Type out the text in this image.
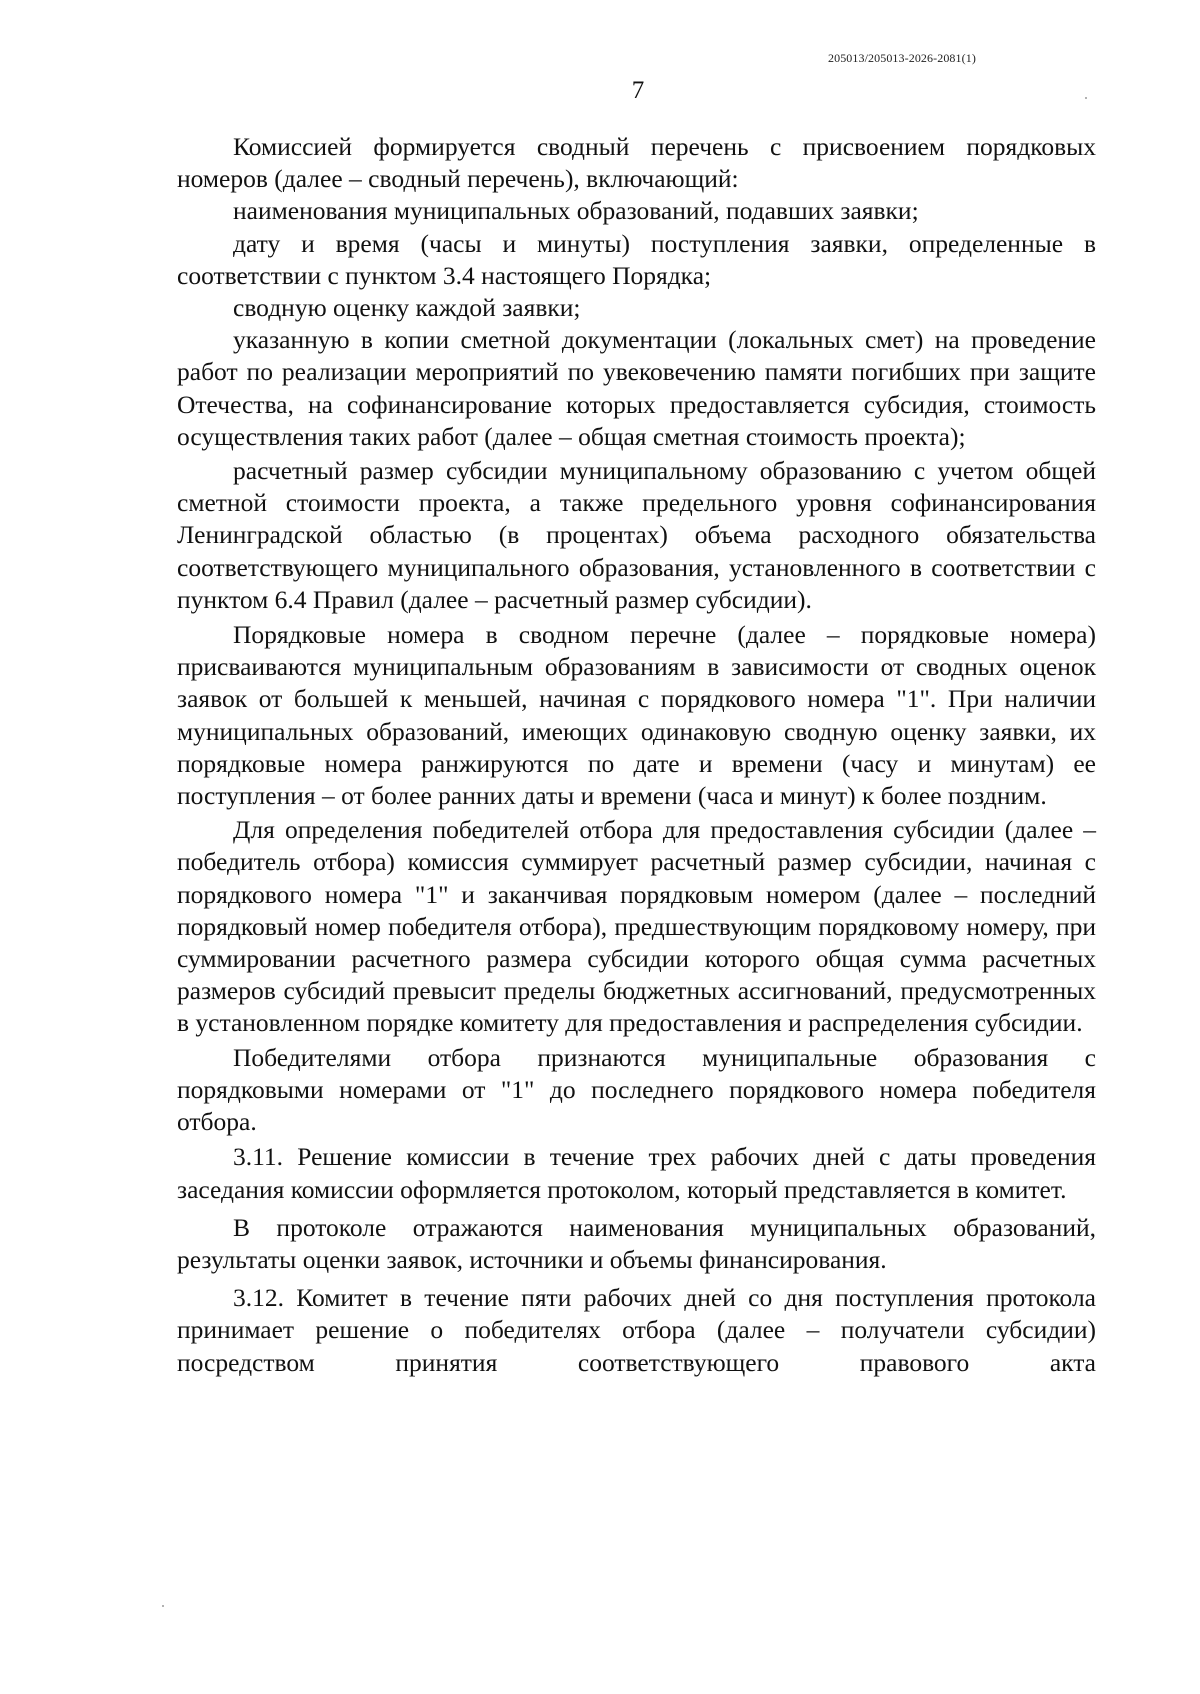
205013/205013-2026-2081(1)
7

Комиссией формируется сводный перечень с присвоением порядковых номеров (далее – сводный перечень), включающий:

наименования муниципальных образований, подавших заявки;

дату и время (часы и минуты) поступления заявки, определенные в соответствии с пунктом 3.4 настоящего Порядка;

сводную оценку каждой заявки;

указанную в копии сметной документации (локальных смет) на проведение работ по реализации мероприятий по увековечению памяти погибших при защите Отечества, на софинансирование которых предоставляется субсидия, стоимость осуществления таких работ (далее – общая сметная стоимость проекта);

расчетный размер субсидии муниципальному образованию с учетом общей сметной стоимости проекта, а также предельного уровня софинансирования Ленинградской областью (в процентах) объема расходного обязательства соответствующего муниципального образования, установленного в соответствии с пунктом 6.4 Правил (далее – расчетный размер субсидии).

Порядковые номера в сводном перечне (далее – порядковые номера) присваиваются муниципальным образованиям в зависимости от сводных оценок заявок от большей к меньшей, начиная с порядкового номера "1". При наличии муниципальных образований, имеющих одинаковую сводную оценку заявки, их порядковые номера ранжируются по дате и времени (часу и минутам) ее поступления – от более ранних даты и времени (часа и минут) к более поздним.

Для определения победителей отбора для предоставления субсидии (далее – победитель отбора) комиссия суммирует расчетный размер субсидии, начиная с порядкового номера "1" и заканчивая порядковым номером (далее – последний порядковый номер победителя отбора), предшествующим порядковому номеру, при суммировании расчетного размера субсидии которого общая сумма расчетных размеров субсидий превысит пределы бюджетных ассигнований, предусмотренных в установленном порядке комитету для предоставления и распределения субсидии.

Победителями отбора признаются муниципальные образования с порядковыми номерами от "1" до последнего порядкового номера победителя отбора.

3.11. Решение комиссии в течение трех рабочих дней с даты проведения заседания комиссии оформляется протоколом, который представляется в комитет.

В протоколе отражаются наименования муниципальных образований, результаты оценки заявок, источники и объемы финансирования.

3.12. Комитет в течение пяти рабочих дней со дня поступления протокола принимает решение о победителях отбора (далее – получатели субсидии) посредством принятия соответствующего правового акта
